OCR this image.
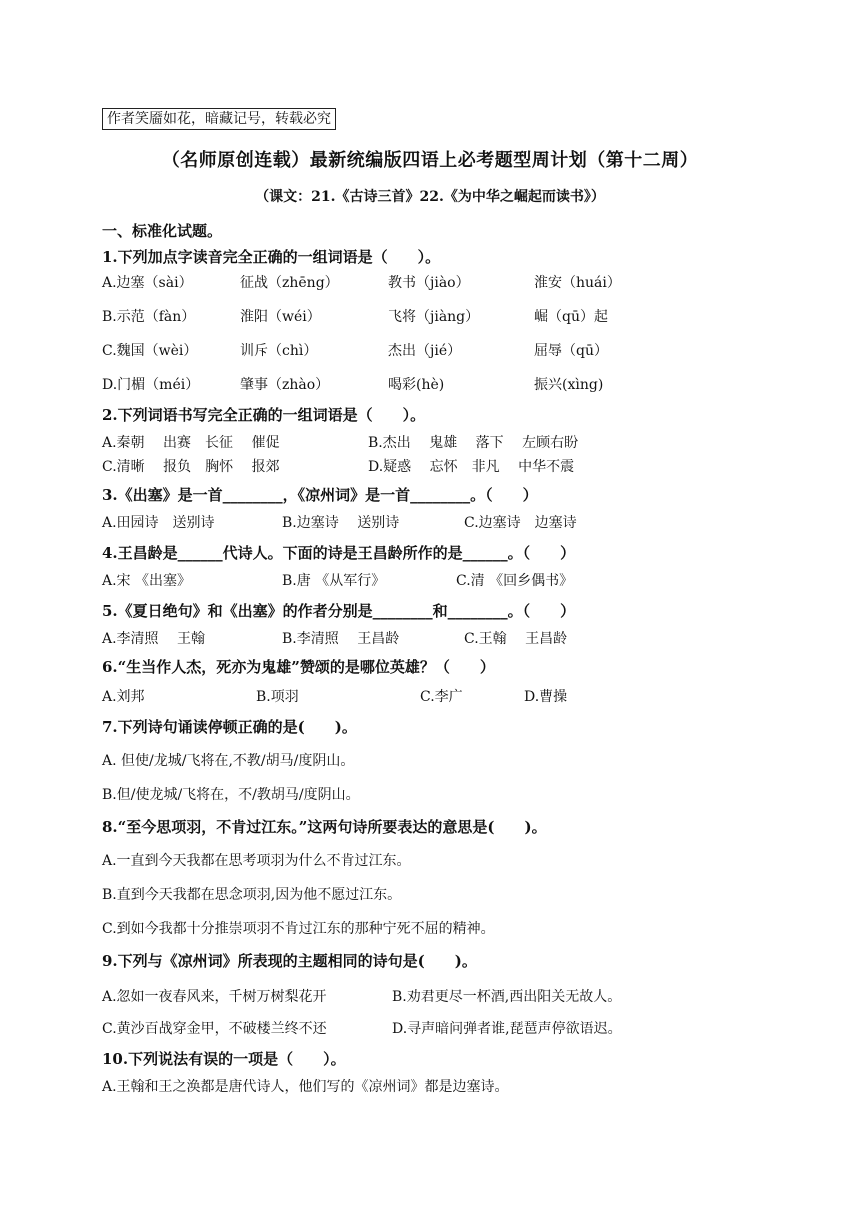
作者笑靥如花，暗藏记号，转载必究
（名师原创连载）最新统编版四语上必考题型周计划（第十二周）
（课文：21.《古诗三首》22.《为中华之崛起而读书》）
一、标准化试题。
1.下列加点字读音完全正确的一组词语是（　　）。
A.边塞（sài）	征战（zhēng）	教书（jiào）	淮安（huái）
B.示范（fàn）	淮阳（wéi）	飞将（jiàng）	崛（qū）起
C.魏国（wèi）	训斥（chì）	杰出（jié）	屈辱（qū）
D.门楣（méi）	肇事（zhào）	喝彩(hè)	振兴(xìng)
2.下列词语书写完全正确的一组词语是（　　）。
A.秦朝　 出赛　长征　 催促	B.杰出　 鬼雄　 落下　 左顾右盼
C.清晰　 报负　胸怀　 报郊	D.疑惑　 忘怀　非凡　 中华不震
3.《出塞》是一首________，《凉州词》是一首________。（　　）
A.田园诗　送别诗	B.边塞诗　 送别诗	C.边塞诗　边塞诗
4.王昌龄是______代诗人。下面的诗是王昌龄所作的是______。（　　）
A.宋 《出塞》	B.唐 《从军行》	C.清 《回乡偶书》
5.《夏日绝句》和《出塞》的作者分别是________和________。（　　）
A.李清照　 王翰	B.李清照　 王昌龄	C.王翰　 王昌龄
6.“生当作人杰，死亦为鬼雄”赞颂的是哪位英雄？（　　）
A.刘邦	B.项羽	C.李广	D.曹操
7.下列诗句诵读停顿正确的是(　　)。
A. 但使/龙城/飞将在,不教/胡马/度阴山。
B.但/使龙城/飞将在，不/教胡马/度阴山。
8.“至今思项羽，不肯过江东。”这两句诗所要表达的意思是(　　)。
A.一直到今天我都在思考项羽为什么不肯过江东。
B.直到今天我都在思念项羽,因为他不愿过江东。
C.到如今我都十分推崇项羽不肯过江东的那种宁死不屈的精神。
9.下列与《凉州词》所表现的主题相同的诗句是(　　)。
A.忽如一夜春风来，千树万树梨花开	B.劝君更尽一杯酒,西出阳关无故人。
C.黄沙百战穿金甲，不破楼兰终不还	D.寻声暗问弹者谁,琵琶声停欲语迟。
10.下列说法有误的一项是（　　）。
A.王翰和王之涣都是唐代诗人，他们写的《凉州词》都是边塞诗。
